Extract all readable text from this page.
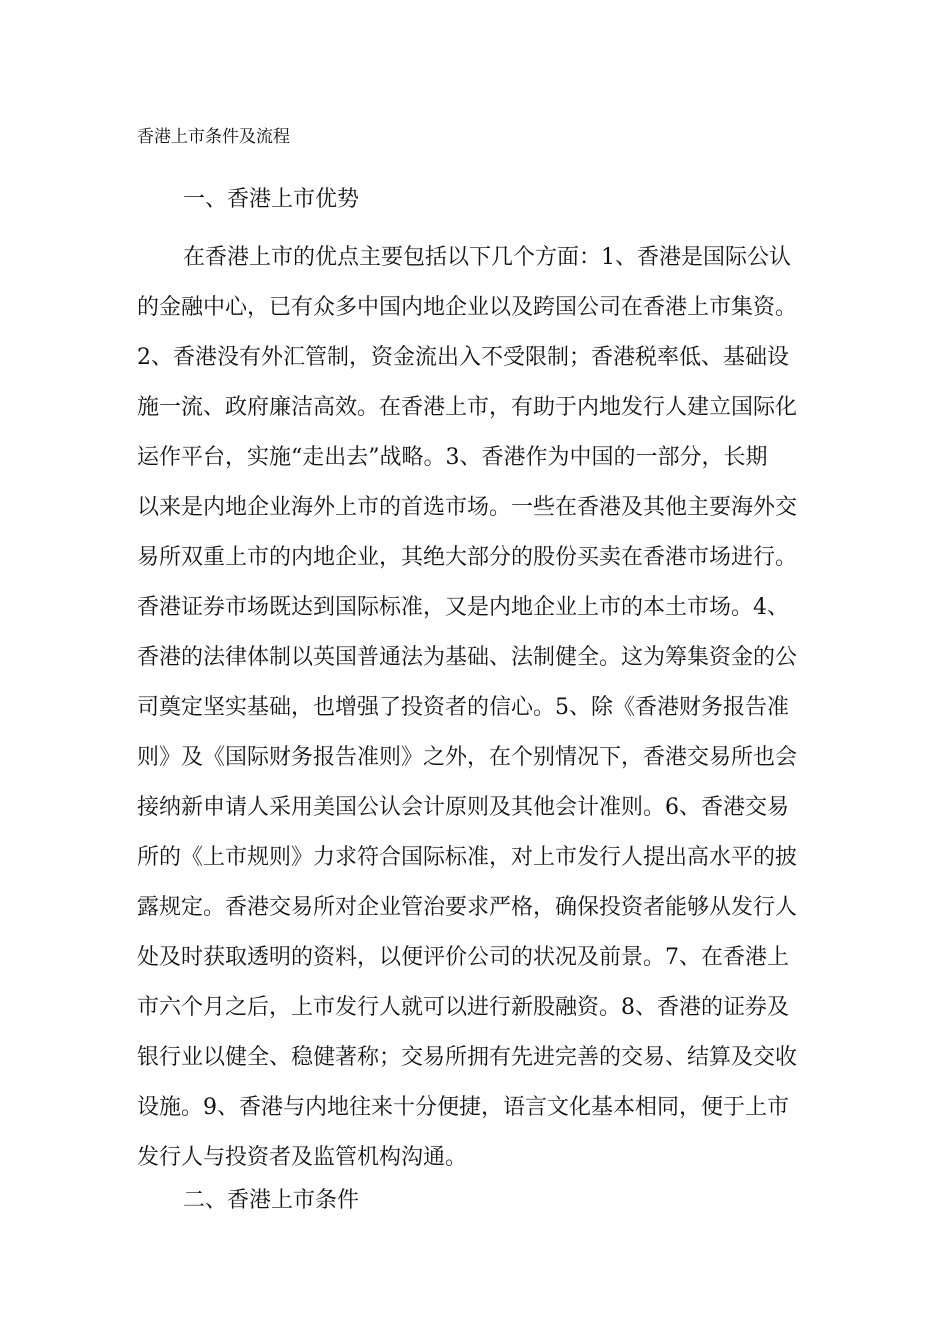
香港上市条件及流程
一、香港上市优势
在香港上市的优点主要包括以下几个方面：1、香港是国际公认
的金融中心，已有众多中国内地企业以及跨国公司在香港上市集资。
2、香港没有外汇管制，资金流出入不受限制；香港税率低、基础设
施一流、政府廉洁高效。在香港上市，有助于内地发行人建立国际化
运作平台，实施“走出去”战略。3、香港作为中国的一部分，长期
以来是内地企业海外上市的首选市场。一些在香港及其他主要海外交
易所双重上市的内地企业，其绝大部分的股份买卖在香港市场进行。
香港证券市场既达到国际标准，又是内地企业上市的本土市场。4、
香港的法律体制以英国普通法为基础、法制健全。这为筹集资金的公
司奠定坚实基础，也增强了投资者的信心。5、除《香港财务报告准
则》及《国际财务报告准则》之外，在个别情况下，香港交易所也会
接纳新申请人采用美国公认会计原则及其他会计准则。6、香港交易
所的《上市规则》力求符合国际标准，对上市发行人提出高水平的披
露规定。香港交易所对企业管治要求严格，确保投资者能够从发行人
处及时获取透明的资料，以便评价公司的状况及前景。7、在香港上
市六个月之后，上市发行人就可以进行新股融资。8、香港的证券及
银行业以健全、稳健著称；交易所拥有先进完善的交易、结算及交收
设施。9、香港与内地往来十分便捷，语言文化基本相同，便于上市
发行人与投资者及监管机构沟通。
二、香港上市条件
